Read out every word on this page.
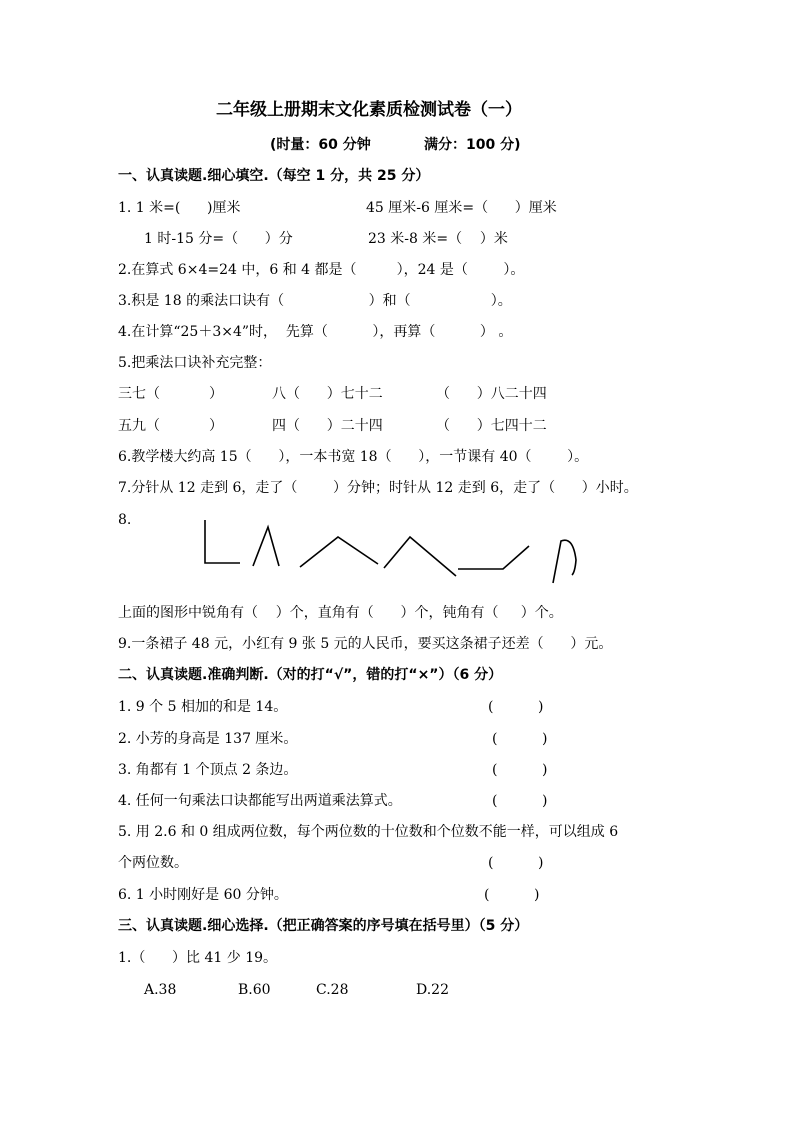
二年级上册期末文化素质检测试卷（一）
(时量：60 分钟	满分：100 分)
一、认真读题.细心填空.（每空 1 分，共 25 分）
1. 1 米=(      )厘米	45 厘米-6 厘米=（      ）厘米
1 时-15 分=（      ）分	23 米-8 米=（    ）米
2.在算式 6×4=24 中，6 和 4 都是（         ），24 是（        ）。
3.积是 18 的乘法口诀有（                   ）和（                  ）。
4.在计算“25＋3×4”时，  先算（          ），再算（          ） 。
5.把乘法口诀补充完整：
三七（           ）	八（      ）七十二	（      ）八二十四
五九（           ）	四（      ）二十四	（      ）七四十二
6.教学楼大约高 15（      ），一本书宽 18（      ），一节课有 40（        ）。
7.分针从 12 走到 6，走了（        ）分钟；时针从 12 走到 6，走了（      ）小时。
8.
上面的图形中锐角有（    ）个，直角有（      ）个，钝角有（     ）个。
9.一条裙子 48 元，小红有 9 张 5 元的人民币，要买这条裙子还差（      ）元。
二、认真读题.准确判断.（对的打“√”，错的打“×”）（6 分）
1. 9 个 5 相加的和是 14。	(          )
2. 小芳的身高是 137 厘米。	(          )
3. 角都有 1 个顶点 2 条边。	(          )
4. 任何一句乘法口诀都能写出两道乘法算式。	(          )
5. 用 2.6 和 0 组成两位数，每个两位数的十位数和个位数不能一样，可以组成 6
个两位数。	(          )
6. 1 小时刚好是 60 分钟。	(          )
三、认真读题.细心选择.（把正确答案的序号填在括号里）（5 分）
1.（      ）比 41 少 19。
A.38	B.60	C.28	D.22
